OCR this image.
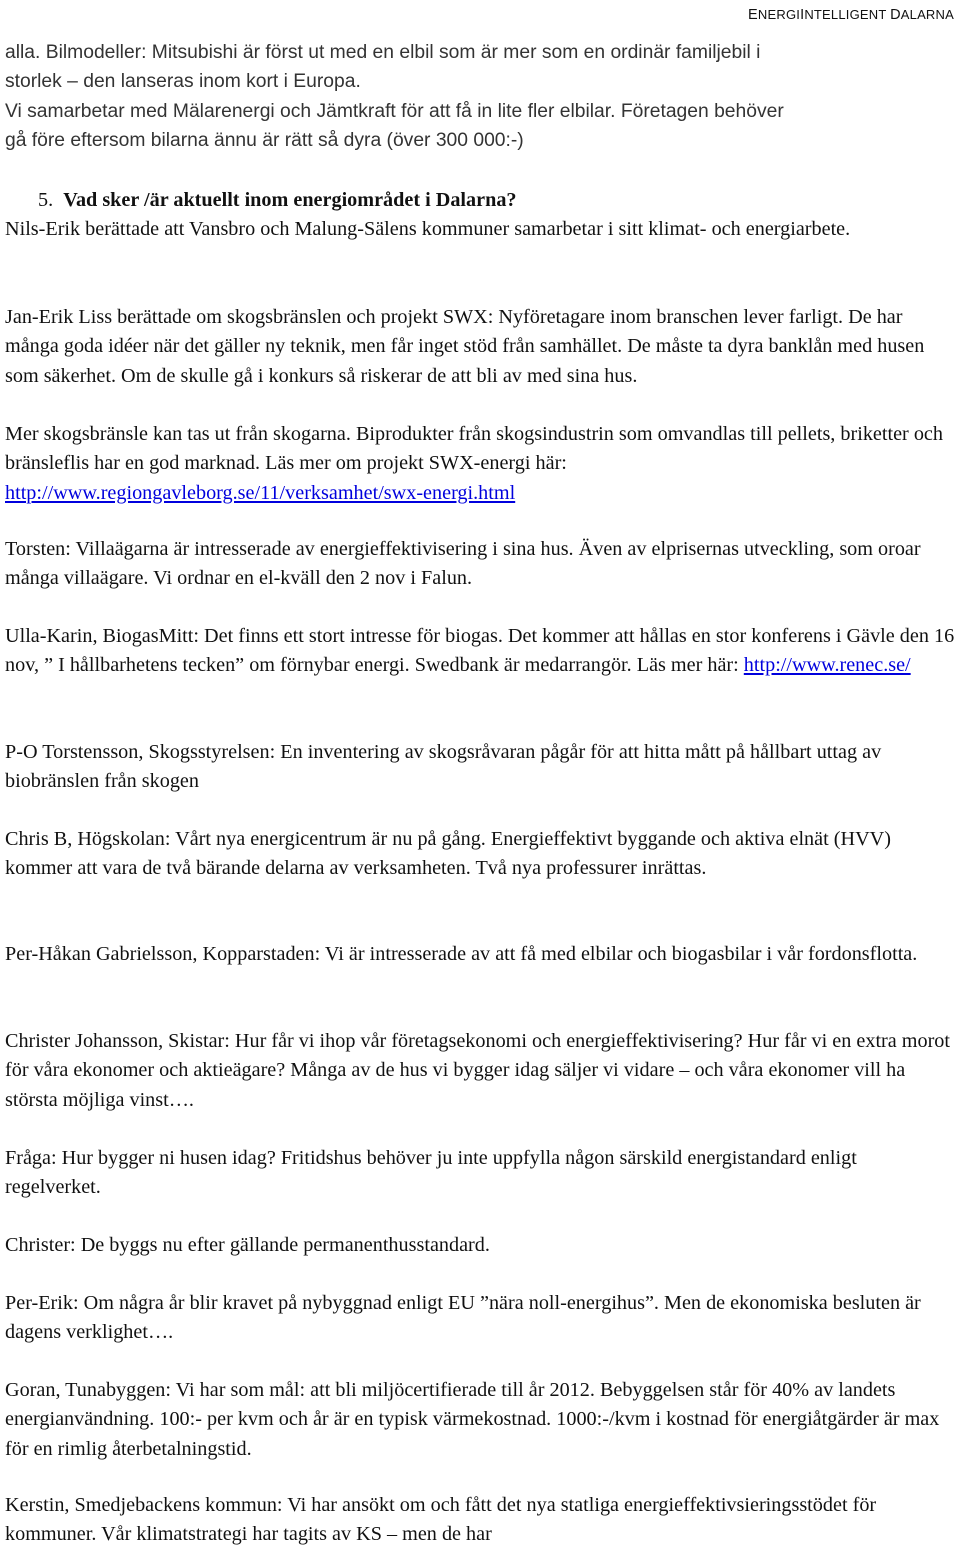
ENERGIINTELLIGENT DALARNA
alla. Bilmodeller: Mitsubishi är först ut med en elbil som är mer som en ordinär familjebil i
storlek – den lanseras inom kort i Europa.
Vi samarbetar med Mälarenergi och Jämtkraft för att få in lite fler elbilar. Företagen behöver
gå före eftersom bilarna ännu är rätt så dyra (över 300 000:-)
5. Vad sker /är aktuellt inom energiområdet i Dalarna?

Nils-Erik berättade att Vansbro och Malung-Sälens kommuner samarbetar i sitt klimat- och energiarbete.

Jan-Erik Liss berättade om skogsbränslen och projekt SWX: Nyföretagare inom branschen lever farligt. De har många goda idéer när det gäller ny teknik, men får inget stöd från samhället. De måste ta dyra banklån med husen som säkerhet. Om de skulle gå i konkurs så riskerar de att bli av med sina hus.

Mer skogsbränsle kan tas ut från skogarna. Biprodukter från skogsindustrin som omvandlas till pellets, briketter och bränsleflis har en god marknad. Läs mer om projekt SWX-energi här: http://www.regiongavleborg.se/11/verksamhet/swx-energi.html

Torsten: Villaägarna är intresserade av energieffektivisering i sina hus. Även av elprisernas utveckling, som oroar många villaägare. Vi ordnar en el-kväll den 2 nov i Falun.

Ulla-Karin, BiogasMitt: Det finns ett stort intresse för biogas. Det kommer att hållas en stor konferens i Gävle den 16 nov, ” I hållbarhetens tecken” om förnybar energi. Swedbank är medarrangör. Läs mer här: http://www.renec.se/

P-O Torstensson, Skogsstyrelsen: En inventering av skogsråvaran pågår för att hitta mått på hållbart uttag av biobränslen från skogen

Chris B, Högskolan: Vårt nya energicentrum är nu på gång. Energieffektivt byggande och aktiva elnät (HVV) kommer att vara de två bärande delarna av verksamheten. Två nya professurer inrättas.

Per-Håkan Gabrielsson, Kopparstaden: Vi är intresserade av att få med elbilar och biogasbilar i vår fordonsflotta.

Christer Johansson, Skistar: Hur får vi ihop vår företagsekonomi och energieffektivisering? Hur får vi en extra morot för våra ekonomer och aktieägare? Många av de hus vi bygger idag säljer vi vidare – och våra ekonomer vill ha största möjliga vinst….

Fråga: Hur bygger ni husen idag? Fritidshus behöver ju inte uppfylla någon särskild energistandard enligt regelverket.

Christer: De byggs nu efter gällande permanenthusstandard.

Per-Erik: Om några år blir kravet på nybyggnad enligt EU ”nära noll-energihus”. Men de ekonomiska besluten är dagens verklighet….

Goran, Tunabyggen: Vi har som mål: att bli miljöcertifierade till år 2012. Bebyggelsen står för 40% av landets energianvändning. 100:- per kvm och år är en typisk värmekostnad. 1000:-/kvm i kostnad för energiåtgärder är max för en rimlig återbetalningstid.

Kerstin, Smedjebackens kommun: Vi har ansökt om och fått det nya statliga energieffektivsieringsstödet för kommuner. Vår klimatstrategi har tagits av KS – men de har
